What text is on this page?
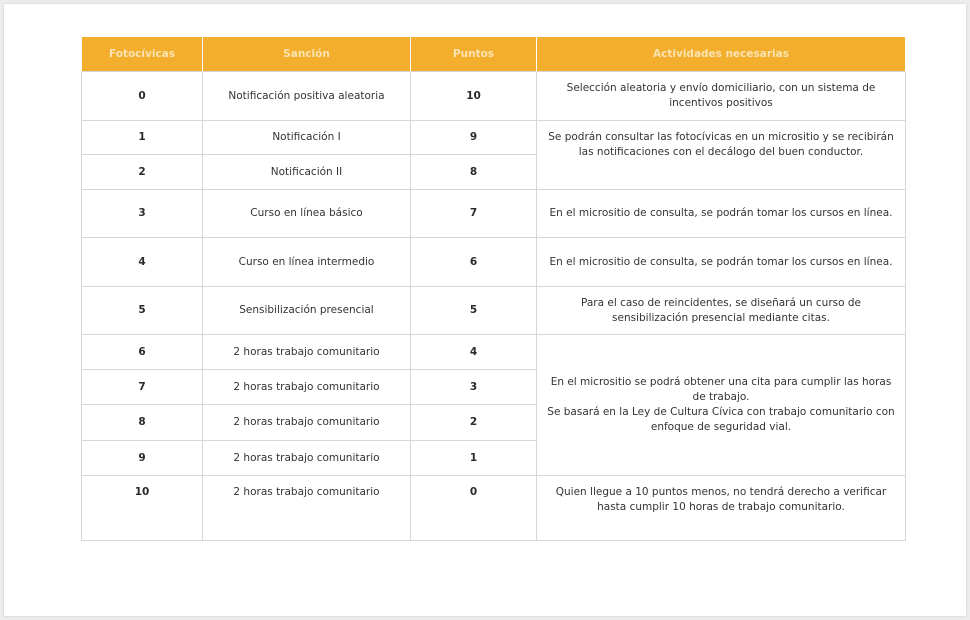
Fotocívicas	Sanción	Puntos	Actividades necesarias
0	Notificación positiva aleatoria	10	Selección aleatoria y envío domiciliario, con un sistema de incentivos positivos
1	Notificación I	9	Se podrán consultar las fotocívicas en un micrositio y se recibirán las notificaciones con el decálogo del buen conductor.
2	Notificación II	8	
3	Curso en línea básico	7	En el micrositio de consulta, se podrán tomar los cursos en línea.
4	Curso en línea intermedio	6	En el micrositio de consulta, se podrán tomar los cursos en línea.
5	Sensibilización presencial	5	Para el caso de reincidentes, se diseñará un curso de sensibilización presencial mediante citas.
6	2 horas trabajo comunitario	4	En el micrositio se podrá obtener una cita para cumplir las horas de trabajo.
Se basará en la Ley de Cultura Cívica con trabajo comunitario con enfoque de seguridad vial.

7	2 horas trabajo comunitario	3	
8	2 horas trabajo comunitario	2	
9	2 horas trabajo comunitario	1	
10	2 horas trabajo comunitario	0	Quien llegue a 10 puntos menos, no tendrá derecho a verificar hasta cumplir 10 horas de trabajo comunitario.
